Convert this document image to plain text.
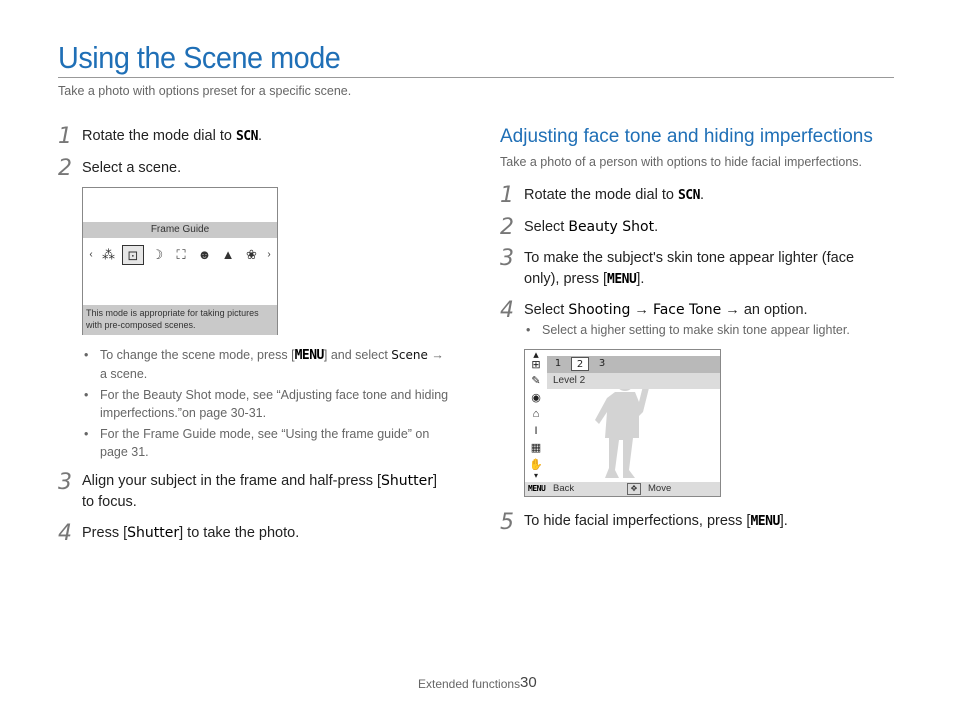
Using the Scene mode
Take a photo with options preset for a specific scene.
1 Rotate the mode dial to SCN.
2 Select a scene.
Frame Guide
‹ ⁂ ⊡	☽	⛶ ☻ ▲ ❀	›
This mode is appropriate for taking pictures with pre-composed scenes.
• To change the scene mode, press [MENU] and select Scene → a scene.
• For the Beauty Shot mode, see “Adjusting face tone and hiding imperfections.”on page 30-31.
• For the Frame Guide mode, see “Using the frame guide” on page 31.
3 Align your subject in the frame and half-press [Shutter] to focus.
4 Press [Shutter] to take the photo.
Adjusting face tone and hiding imperfections
Take a photo of a person with options to hide facial imperfections.
1 Rotate the mode dial to SCN.
2 Select Beauty Shot.
3 To make the subject's skin tone appear lighter (face only), press [MENU].
4 Select Shooting → Face Tone → an option.
• Select a higher setting to make skin tone appear lighter.
▴
⊞
✎
◉
⌂
I
▦
✋
▾
1	2	3
Level 2
MENU Back	✥	Move
5 To hide facial imperfections, press [MENU].
Extended functions 30
